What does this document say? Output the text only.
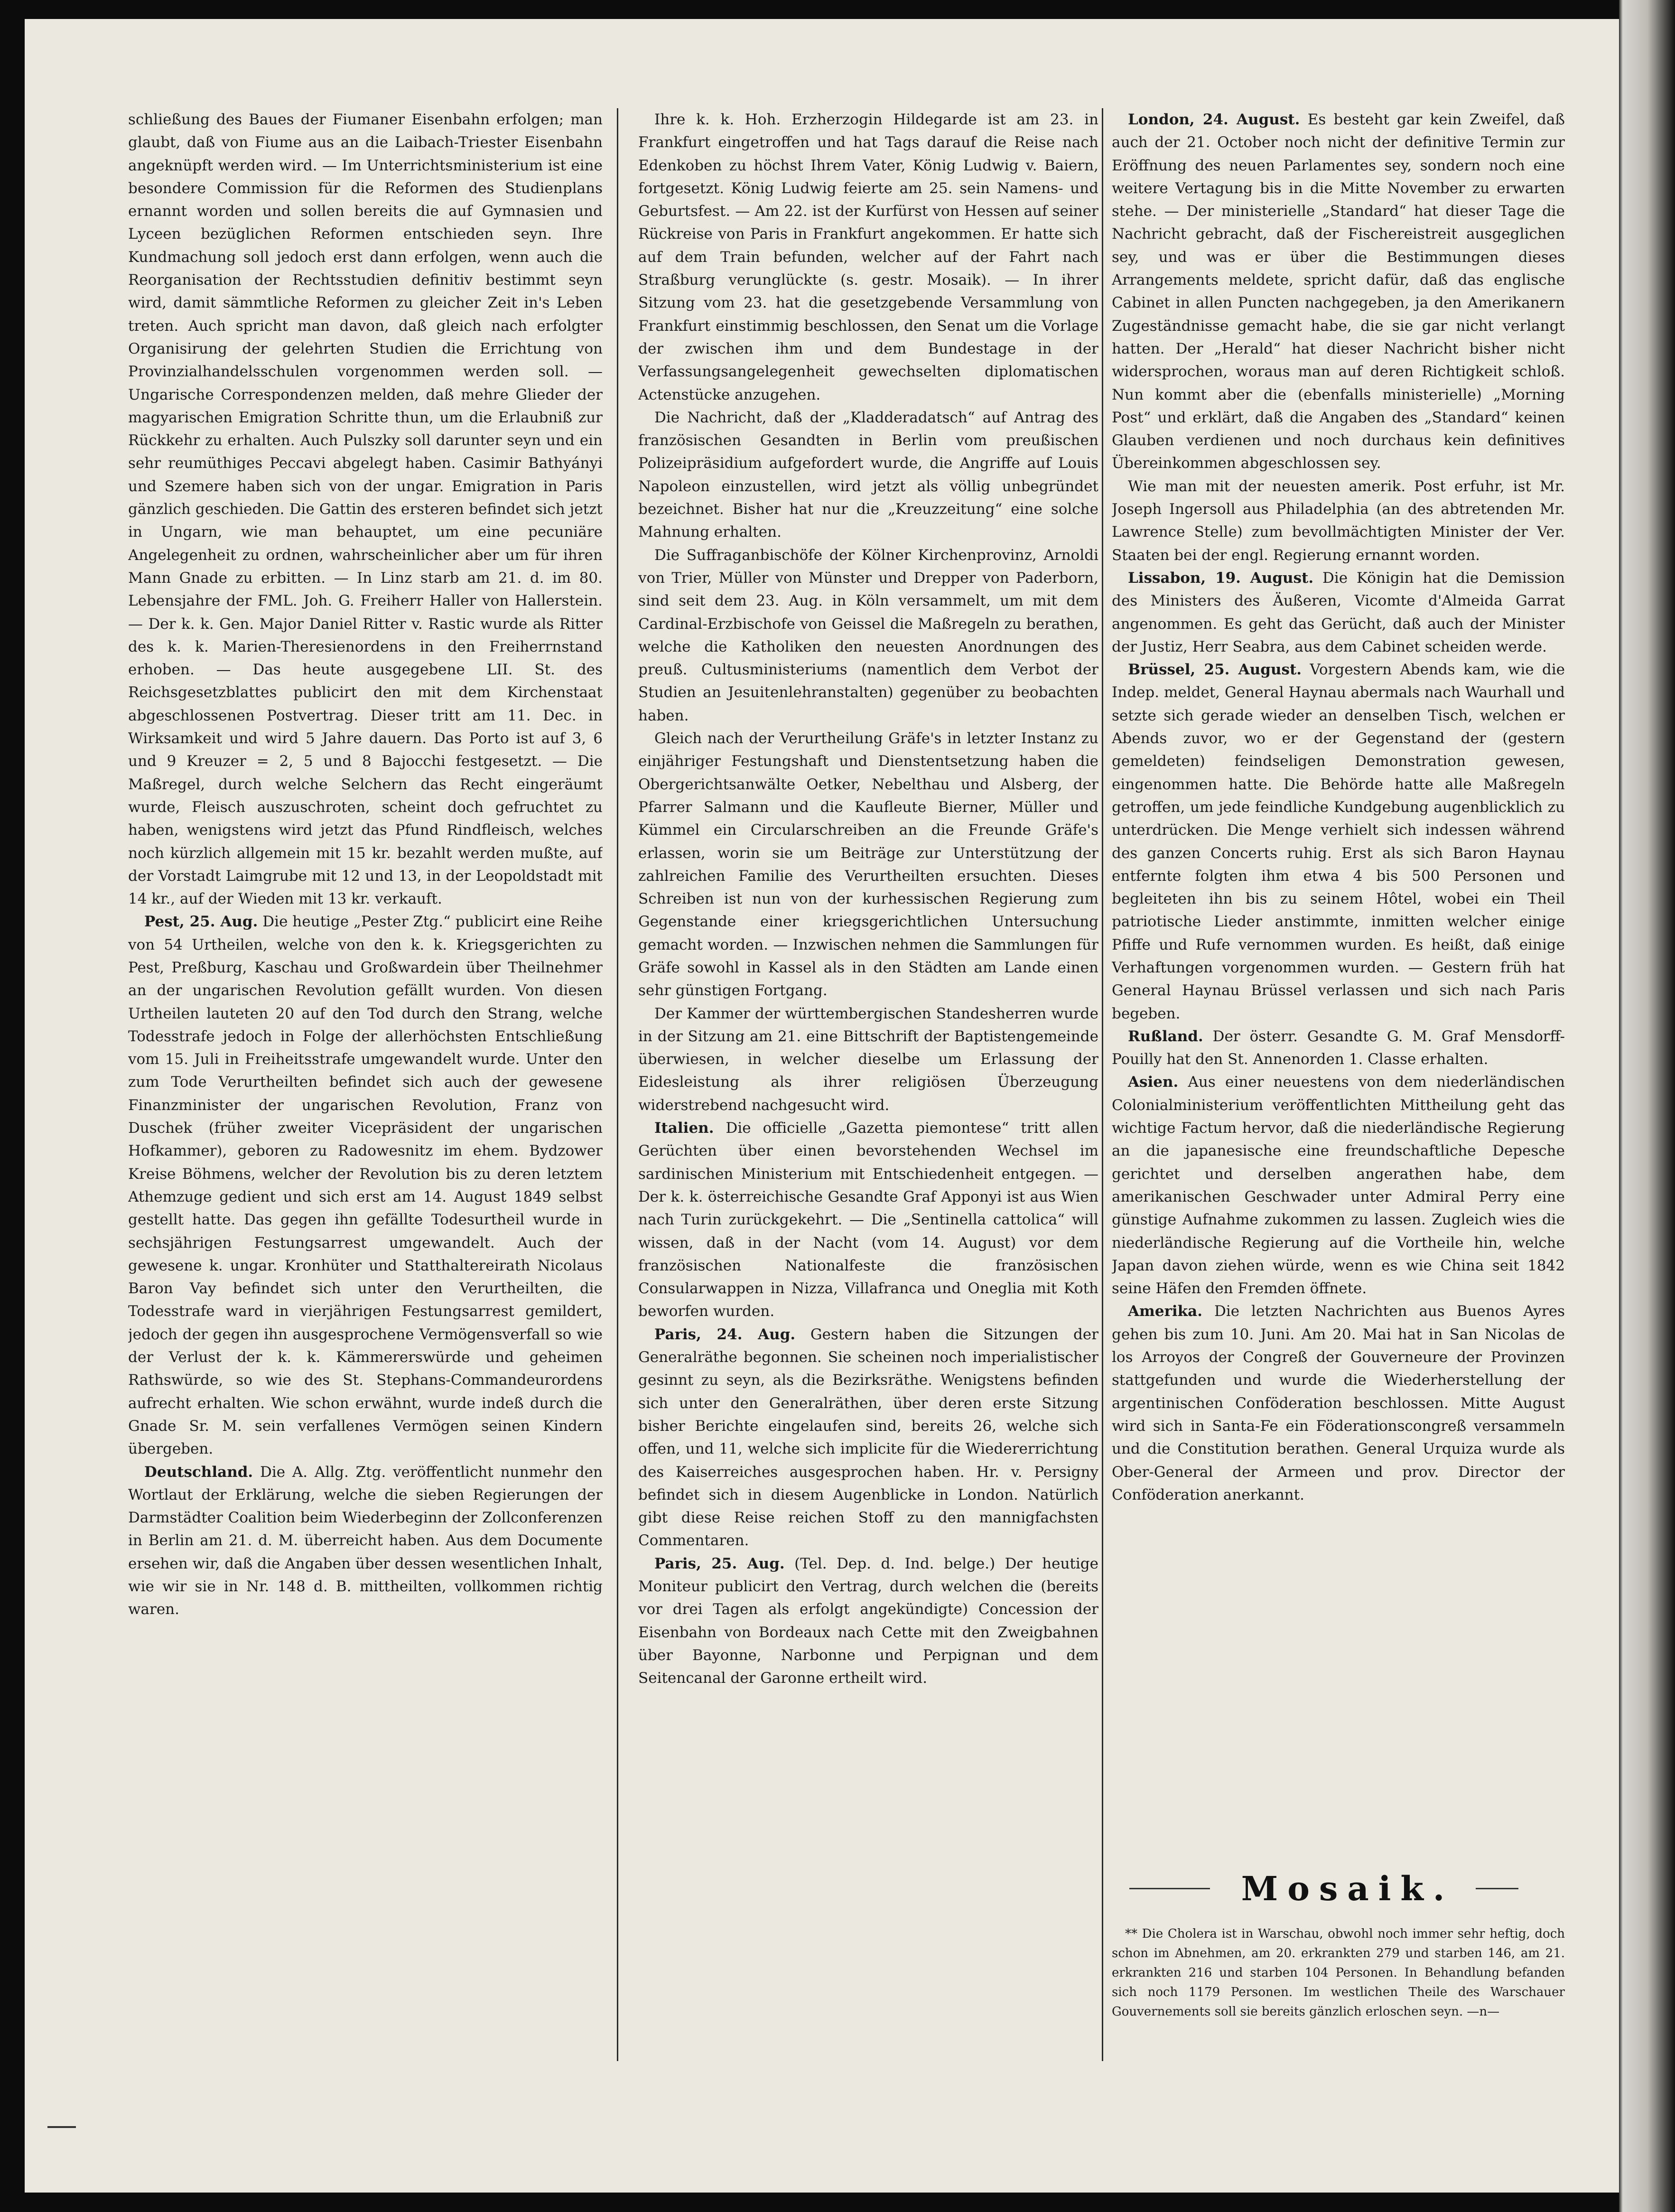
schließung des Baues der Fiumaner Eisenbahn erfolgen; man glaubt, daß von Fiume aus an die Laibach-Triester Eisenbahn angeknüpft werden wird. — Im Unterrichtsministerium ist eine besondere Commission für die Reformen des Studienplans ernannt worden und sollen bereits die auf Gymnasien und Lyceen bezüglichen Reformen entschieden seyn. Ihre Kundmachung soll jedoch erst dann erfolgen, wenn auch die Reorganisation der Rechtsstudien definitiv bestimmt seyn wird, damit sämmtliche Reformen zu gleicher Zeit in's Leben treten. Auch spricht man davon, daß gleich nach erfolgter Organisirung der gelehrten Studien die Errichtung von Provinzialhandelsschulen vorgenommen werden soll. — Ungarische Correspondenzen melden, daß mehre Glieder der magyarischen Emigration Schritte thun, um die Erlaubniß zur Rückkehr zu erhalten. Auch Pulszky soll darunter seyn und ein sehr reumüthiges Peccavi abgelegt haben. Casimir Bathyányi und Szemere haben sich von der ungar. Emigration in Paris gänzlich geschieden. Die Gattin des ersteren befindet sich jetzt in Ungarn, wie man behauptet, um eine pecuniäre Angelegenheit zu ordnen, wahrscheinlicher aber um für ihren Mann Gnade zu erbitten. — In Linz starb am 21. d. im 80. Lebensjahre der FML. Joh. G. Freiherr Haller von Hallerstein. — Der k. k. Gen. Major Daniel Ritter v. Rastic wurde als Ritter des k. k. Marien-Theresienordens in den Freiherrnstand erhoben. — Das heute ausgegebene LII. St. des Reichsgesetzblattes publicirt den mit dem Kirchenstaat abgeschlossenen Postvertrag. Dieser tritt am 11. Dec. in Wirksamkeit und wird 5 Jahre dauern. Das Porto ist auf 3, 6 und 9 Kreuzer = 2, 5 und 8 Bajocchi festgesetzt. — Die Maßregel, durch welche Selchern das Recht eingeräumt wurde, Fleisch auszuschroten, scheint doch gefruchtet zu haben, wenigstens wird jetzt das Pfund Rindfleisch, welches noch kürzlich allgemein mit 15 kr. bezahlt werden mußte, auf der Vorstadt Laimgrube mit 12 und 13, in der Leopoldstadt mit 14 kr., auf der Wieden mit 13 kr. verkauft.

Pest, 25. Aug. Die heutige „Pester Ztg.“ publicirt eine Reihe von 54 Urtheilen, welche von den k. k. Kriegsgerichten zu Pest, Preßburg, Kaschau und Großwardein über Theilnehmer an der ungarischen Revolution gefällt wurden. Von diesen Urtheilen lauteten 20 auf den Tod durch den Strang, welche Todesstrafe jedoch in Folge der allerhöchsten Entschließung vom 15. Juli in Freiheitsstrafe umgewandelt wurde. Unter den zum Tode Verurtheilten befindet sich auch der gewesene Finanzminister der ungarischen Revolution, Franz von Duschek (früher zweiter Vicepräsident der ungarischen Hofkammer), geboren zu Radowesnitz im ehem. Bydzower Kreise Böhmens, welcher der Revolution bis zu deren letztem Athemzuge gedient und sich erst am 14. August 1849 selbst gestellt hatte. Das gegen ihn gefällte Todesurtheil wurde in sechsjährigen Festungsarrest umgewandelt. Auch der gewesene k. ungar. Kronhüter und Statthaltereirath Nicolaus Baron Vay befindet sich unter den Verurtheilten, die Todesstrafe ward in vierjährigen Festungsarrest gemildert, jedoch der gegen ihn ausgesprochene Vermögensverfall so wie der Verlust der k. k. Kämmererswürde und geheimen Rathswürde, so wie des St. Stephans-Commandeurordens aufrecht erhalten. Wie schon erwähnt, wurde indeß durch die Gnade Sr. M. sein verfallenes Vermögen seinen Kindern übergeben.

Deutschland. Die A. Allg. Ztg. veröffentlicht nunmehr den Wortlaut der Erklärung, welche die sieben Regierungen der Darmstädter Coalition beim Wiederbeginn der Zollconferenzen in Berlin am 21. d. M. überreicht haben. Aus dem Documente ersehen wir, daß die Angaben über dessen wesentlichen Inhalt, wie wir sie in Nr. 148 d. B. mittheilten, vollkommen richtig waren.

Ihre k. k. Hoh. Erzherzogin Hildegarde ist am 23. in Frankfurt eingetroffen und hat Tags darauf die Reise nach Edenkoben zu höchst Ihrem Vater, König Ludwig v. Baiern, fortgesetzt. König Ludwig feierte am 25. sein Namens- und Geburtsfest. — Am 22. ist der Kurfürst von Hessen auf seiner Rückreise von Paris in Frankfurt angekommen. Er hatte sich auf dem Train befunden, welcher auf der Fahrt nach Straßburg verunglückte (s. gestr. Mosaik). — In ihrer Sitzung vom 23. hat die gesetzgebende Versammlung von Frankfurt einstimmig beschlossen, den Senat um die Vorlage der zwischen ihm und dem Bundestage in der Verfassungsangelegenheit gewechselten diplomatischen Actenstücke anzugehen.

Die Nachricht, daß der „Kladderadatsch“ auf Antrag des französischen Gesandten in Berlin vom preußischen Polizeipräsidium aufgefordert wurde, die Angriffe auf Louis Napoleon einzustellen, wird jetzt als völlig unbegründet bezeichnet. Bisher hat nur die „Kreuzzeitung“ eine solche Mahnung erhalten.

Die Suffraganbischöfe der Kölner Kirchenprovinz, Arnoldi von Trier, Müller von Münster und Drepper von Paderborn, sind seit dem 23. Aug. in Köln versammelt, um mit dem Cardinal-Erzbischofe von Geissel die Maßregeln zu berathen, welche die Katholiken den neuesten Anordnungen des preuß. Cultusministeriums (namentlich dem Verbot der Studien an Jesuitenlehranstalten) gegenüber zu beobachten haben.

Gleich nach der Verurtheilung Gräfe's in letzter Instanz zu einjähriger Festungshaft und Dienstentsetzung haben die Obergerichtsanwälte Oetker, Nebelthau und Alsberg, der Pfarrer Salmann und die Kaufleute Bierner, Müller und Kümmel ein Circularschreiben an die Freunde Gräfe's erlassen, worin sie um Beiträge zur Unterstützung der zahlreichen Familie des Verurtheilten ersuchten. Dieses Schreiben ist nun von der kurhessischen Regierung zum Gegenstande einer kriegsgerichtlichen Untersuchung gemacht worden. — Inzwischen nehmen die Sammlungen für Gräfe sowohl in Kassel als in den Städten am Lande einen sehr günstigen Fortgang.

Der Kammer der württembergischen Standesherren wurde in der Sitzung am 21. eine Bittschrift der Baptistengemeinde überwiesen, in welcher dieselbe um Erlassung der Eidesleistung als ihrer religiösen Überzeugung widerstrebend nachgesucht wird.

Italien. Die officielle „Gazetta piemontese“ tritt allen Gerüchten über einen bevorstehenden Wechsel im sardinischen Ministerium mit Entschiedenheit entgegen. — Der k. k. österreichische Gesandte Graf Apponyi ist aus Wien nach Turin zurückgekehrt. — Die „Sentinella cattolica“ will wissen, daß in der Nacht (vom 14. August) vor dem französischen Nationalfeste die französischen Consularwappen in Nizza, Villafranca und Oneglia mit Koth beworfen wurden.

Paris, 24. Aug. Gestern haben die Sitzungen der Generalräthe begonnen. Sie scheinen noch imperialistischer gesinnt zu seyn, als die Bezirksräthe. Wenigstens befinden sich unter den Generalräthen, über deren erste Sitzung bisher Berichte eingelaufen sind, bereits 26, welche sich offen, und 11, welche sich implicite für die Wiedererrichtung des Kaiserreiches ausgesprochen haben. Hr. v. Persigny befindet sich in diesem Augenblicke in London. Natürlich gibt diese Reise reichen Stoff zu den mannigfachsten Commentaren.

Paris, 25. Aug. (Tel. Dep. d. Ind. belge.) Der heutige Moniteur publicirt den Vertrag, durch welchen die (bereits vor drei Tagen als erfolgt angekündigte) Concession der Eisenbahn von Bordeaux nach Cette mit den Zweigbahnen über Bayonne, Narbonne und Perpignan und dem Seitencanal der Garonne ertheilt wird.

London, 24. August. Es besteht gar kein Zweifel, daß auch der 21. October noch nicht der definitive Termin zur Eröffnung des neuen Parlamentes sey, sondern noch eine weitere Vertagung bis in die Mitte November zu erwarten stehe. — Der ministerielle „Standard“ hat dieser Tage die Nachricht gebracht, daß der Fischereistreit ausgeglichen sey, und was er über die Bestimmungen dieses Arrangements meldete, spricht dafür, daß das englische Cabinet in allen Puncten nachgegeben, ja den Amerikanern Zugeständnisse gemacht habe, die sie gar nicht verlangt hatten. Der „Herald“ hat dieser Nachricht bisher nicht widersprochen, woraus man auf deren Richtigkeit schloß. Nun kommt aber die (ebenfalls ministerielle) „Morning Post“ und erklärt, daß die Angaben des „Standard“ keinen Glauben verdienen und noch durchaus kein definitives Übereinkommen abgeschlossen sey.

Wie man mit der neuesten amerik. Post erfuhr, ist Mr. Joseph Ingersoll aus Philadelphia (an des abtretenden Mr. Lawrence Stelle) zum bevollmächtigten Minister der Ver. Staaten bei der engl. Regierung ernannt worden.

Lissabon, 19. August. Die Königin hat die Demission des Ministers des Äußeren, Vicomte d'Almeida Garrat angenommen. Es geht das Gerücht, daß auch der Minister der Justiz, Herr Seabra, aus dem Cabinet scheiden werde.

Brüssel, 25. August. Vorgestern Abends kam, wie die Indep. meldet, General Haynau abermals nach Waurhall und setzte sich gerade wieder an denselben Tisch, welchen er Abends zuvor, wo er der Gegenstand der (gestern gemeldeten) feindseligen Demonstration gewesen, eingenommen hatte. Die Behörde hatte alle Maßregeln getroffen, um jede feindliche Kundgebung augenblicklich zu unterdrücken. Die Menge verhielt sich indessen während des ganzen Concerts ruhig. Erst als sich Baron Haynau entfernte folgten ihm etwa 4 bis 500 Personen und begleiteten ihn bis zu seinem Hôtel, wobei ein Theil patriotische Lieder anstimmte, inmitten welcher einige Pfiffe und Rufe vernommen wurden. Es heißt, daß einige Verhaftungen vorgenommen wurden. — Gestern früh hat General Haynau Brüssel verlassen und sich nach Paris begeben.

Rußland. Der österr. Gesandte G. M. Graf Mensdorff-Pouilly hat den St. Annenorden 1. Classe erhalten.

Asien. Aus einer neuestens von dem niederländischen Colonialministerium veröffentlichten Mittheilung geht das wichtige Factum hervor, daß die niederländische Regierung an die japanesische eine freundschaftliche Depesche gerichtet und derselben angerathen habe, dem amerikanischen Geschwader unter Admiral Perry eine günstige Aufnahme zukommen zu lassen. Zugleich wies die niederländische Regierung auf die Vortheile hin, welche Japan davon ziehen würde, wenn es wie China seit 1842 seine Häfen den Fremden öffnete.

Amerika. Die letzten Nachrichten aus Buenos Ayres gehen bis zum 10. Juni. Am 20. Mai hat in San Nicolas de los Arroyos der Congreß der Gouverneure der Provinzen stattgefunden und wurde die Wiederherstellung der argentinischen Conföderation beschlossen. Mitte August wird sich in Santa-Fe ein Föderationscongreß versammeln und die Constitution berathen. General Urquiza wurde als Ober-General der Armeen und prov. Director der Conföderation anerkannt.

Mosaik.

** Die Cholera ist in Warschau, obwohl noch immer sehr heftig, doch schon im Abnehmen, am 20. erkrankten 279 und starben 146, am 21. erkrankten 216 und starben 104 Personen. In Behandlung befanden sich noch 1179 Personen. Im westlichen Theile des Warschauer Gouvernements soll sie bereits gänzlich erloschen seyn. —n—
